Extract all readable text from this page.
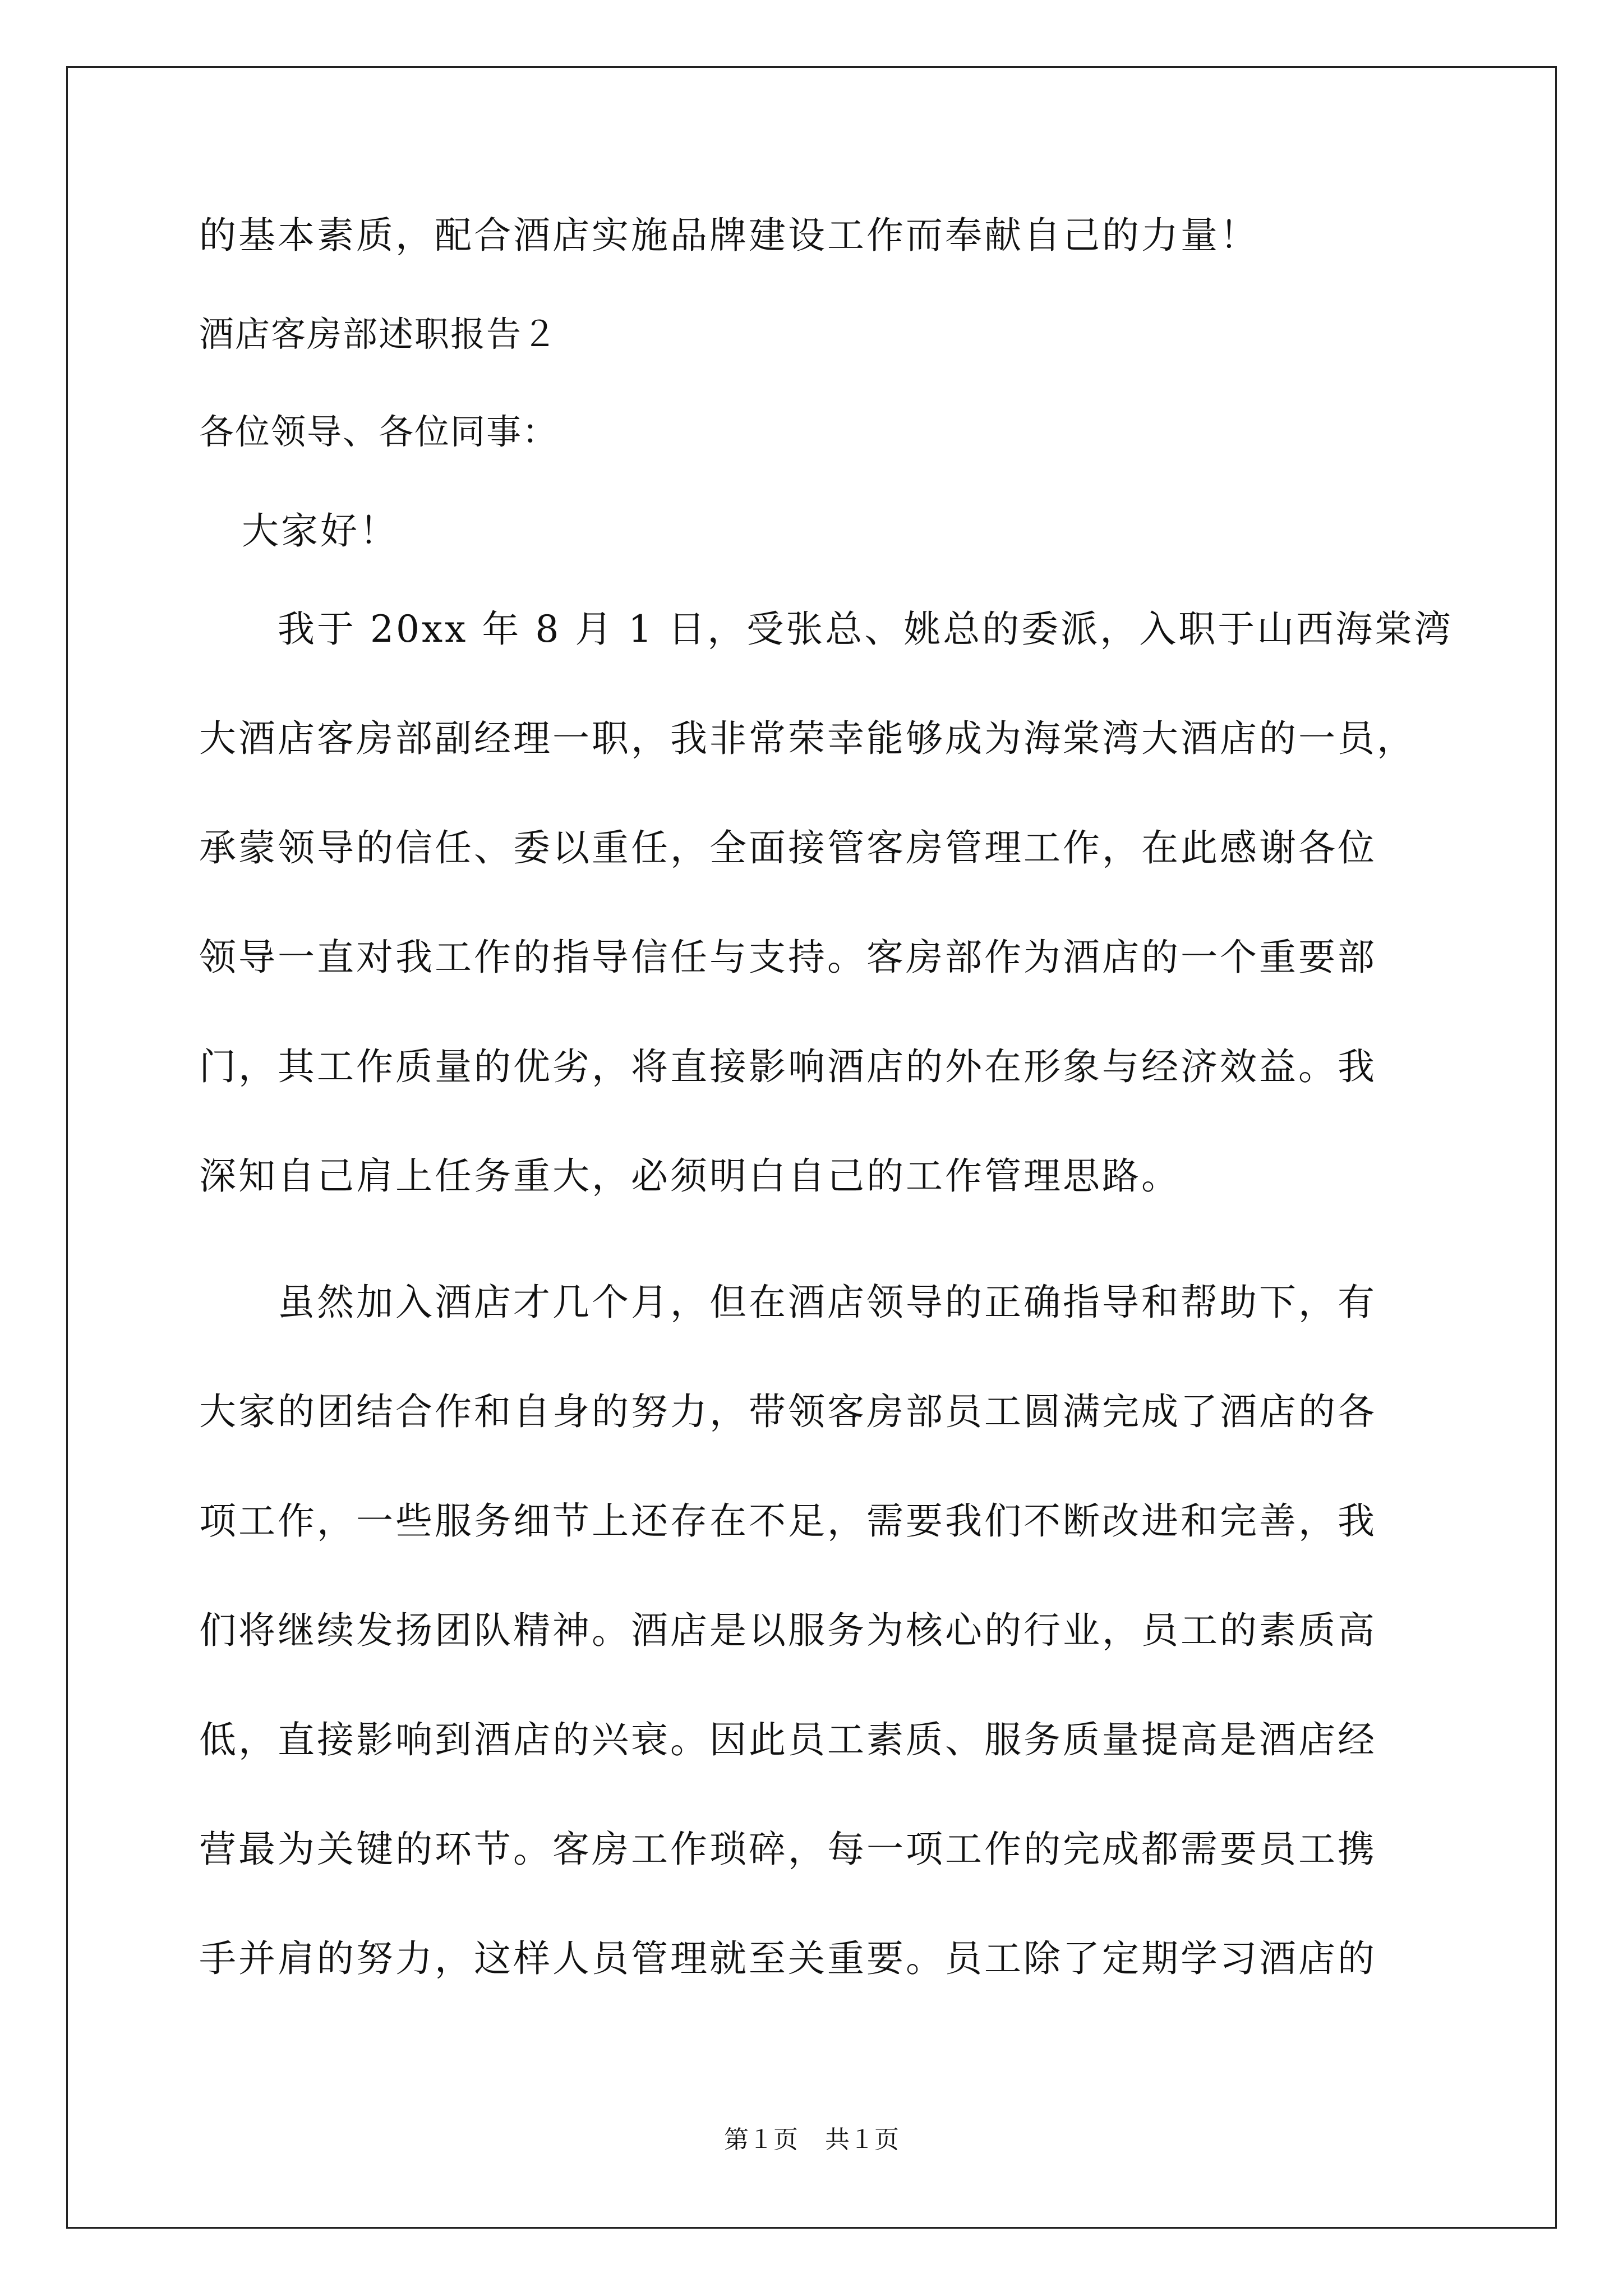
的基本素质，配合酒店实施品牌建设工作而奉献自己的力量！
酒店客房部述职报告２
各位领导、各位同事：
大家好！
我于 20xx 年 8 月 1 日，受张总、姚总的委派，入职于山西海棠湾
大酒店客房部副经理一职，我非常荣幸能够成为海棠湾大酒店的一员，
承蒙领导的信任、委以重任，全面接管客房管理工作，在此感谢各位
领导一直对我工作的指导信任与支持。客房部作为酒店的一个重要部
门，其工作质量的优劣，将直接影响酒店的外在形象与经济效益。我
深知自己肩上任务重大，必须明白自己的工作管理思路。
虽然加入酒店才几个月，但在酒店领导的正确指导和帮助下，有
大家的团结合作和自身的努力，带领客房部员工圆满完成了酒店的各
项工作，一些服务细节上还存在不足，需要我们不断改进和完善，我
们将继续发扬团队精神。酒店是以服务为核心的行业，员工的素质高
低，直接影响到酒店的兴衰。因此员工素质、服务质量提高是酒店经
营最为关键的环节。客房工作琐碎，每一项工作的完成都需要员工携
手并肩的努力，这样人员管理就至关重要。员工除了定期学习酒店的
第１页 共１页
